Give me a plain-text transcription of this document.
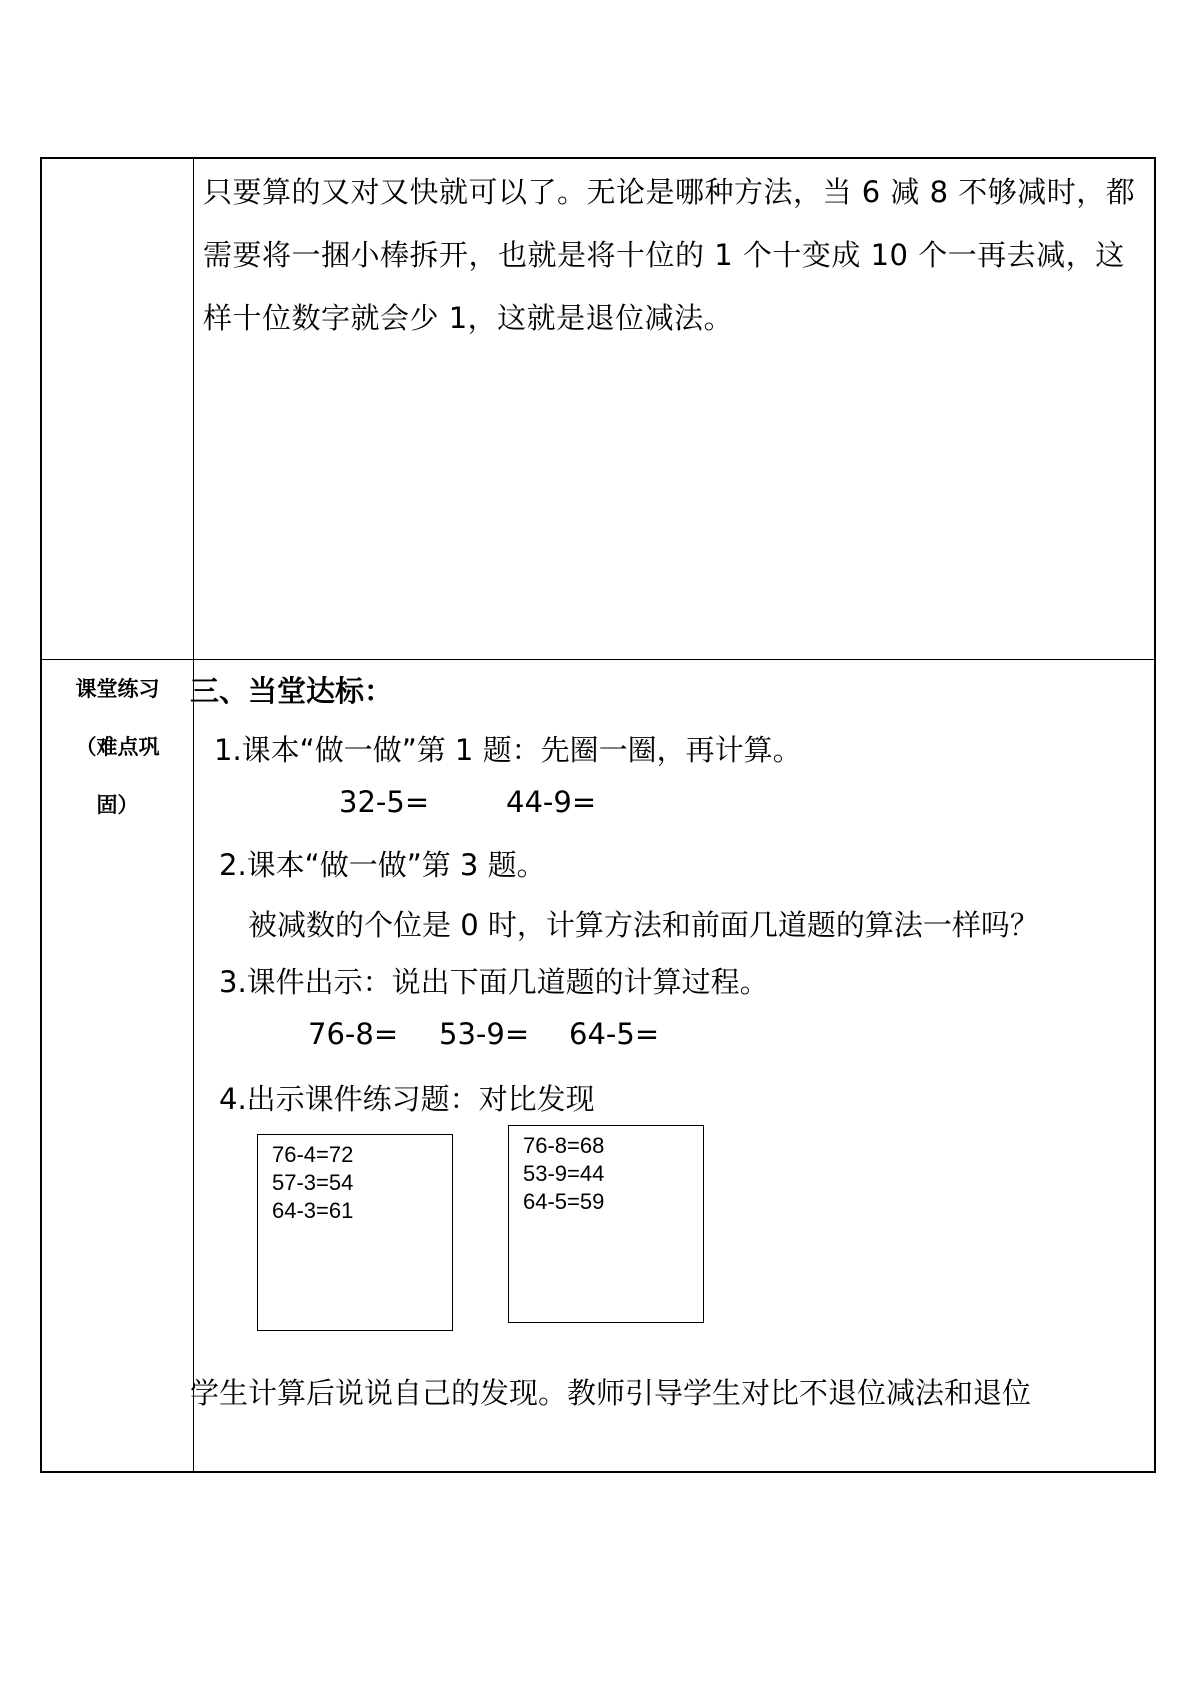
只要算的又对又快就可以了。无论是哪种方法，当 6 减 8 不够减时，都需要将一捆小棒拆开，也就是将十位的 1 个十变成 10 个一再去减，这样十位数字就会少 1，这就是退位减法。
课堂练习
（难点巩
固）
三、当堂达标：
1.课本“做一做”第 1 题：先圈一圈，再计算。
32-5=	44-9=
2.课本“做一做”第 3 题。
被减数的个位是 0 时，计算方法和前面几道题的算法一样吗？
3.课件出示：说出下面几道题的计算过程。
76-8= 53-9= 64-5=
4.出示课件练习题：对比发现
76-4=72
57-3=54
64-3=61
76-8=68
53-9=44
64-5=59
学生计算后说说自己的发现。教师引导学生对比不退位减法和退位
